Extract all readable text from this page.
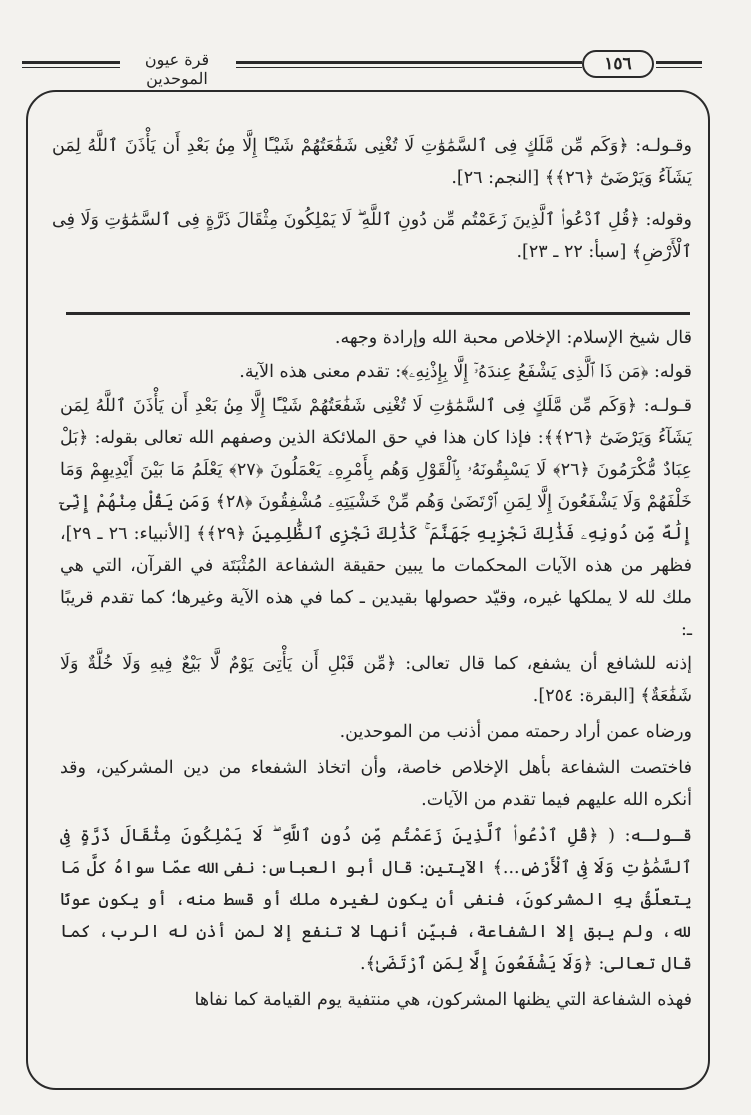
قرة عيون الموحدين
١٥٦

وقـولـه: ﴿وَكَم مِّن مَّلَكٍ فِى ٱلسَّمَٰوَٰتِ لَا تُغْنِى شَفَٰعَتُهُمْ شَيْـًٔا إِلَّا مِنۢ بَعْدِ أَن يَأْذَنَ ٱللَّهُ لِمَن يَشَآءُ وَيَرْضَىٰٓ ﴿٢٦﴾﴾ [النجم: ٢٦].

وقوله: ﴿قُلِ ٱدْعُوا۟ ٱلَّذِينَ زَعَمْتُم مِّن دُونِ ٱللَّهِ ۖ لَا يَمْلِكُونَ مِثْقَالَ ذَرَّةٍ فِى ٱلسَّمَٰوَٰتِ وَلَا فِى ٱلْأَرْضِ﴾ [سبأ: ٢٢ ـ ٢٣].

قال شيخ الإسلام: الإخلاص محبة الله وإرادة وجهه.

قوله: ﴿مَن ذَا ٱلَّذِى يَشْفَعُ عِندَهُۥٓ إِلَّا بِإِذْنِهِۦ﴾: تقدم معنى هذه الآية.

قـولـه: ﴿وَكَم مِّن مَّلَكٍ فِى ٱلسَّمَٰوَٰتِ لَا تُغْنِى شَفَٰعَتُهُمْ شَيْـًٔا إِلَّا مِنۢ بَعْدِ أَن يَأْذَنَ ٱللَّهُ لِمَن يَشَآءُ وَيَرْضَىٰٓ ﴿٢٦﴾﴾: فإذا كان هذا في حق الملائكة الذين وصفهم الله تعالى بقوله: ﴿بَلْ عِبَادٌ مُّكْرَمُونَ ﴿٢٦﴾ لَا يَسْبِقُونَهُۥ بِٱلْقَوْلِ وَهُم بِأَمْرِهِۦ يَعْمَلُونَ ﴿٢٧﴾ يَعْلَمُ مَا بَيْنَ أَيْدِيهِمْ وَمَا خَلْفَهُمْ وَلَا يَشْفَعُونَ إِلَّا لِمَنِ ٱرْتَضَىٰ وَهُم مِّنْ خَشْيَتِهِۦ مُشْفِقُونَ ﴿٢٨﴾ وَمَن يَقُلْ مِنْهُمْ إِنِّىٓ إِلَٰهٌ مِّن دُونِهِۦ فَذَٰلِكَ نَجْزِيهِ جَهَنَّمَ ۚ كَذَٰلِكَ نَجْزِى ٱلظَّٰلِمِينَ ﴿٢٩﴾﴾ [الأنبياء: ٢٦ ـ ٢٩]، فظهر من هذه الآيات المحكمات ما يبين حقيقة الشفاعة المُثْبَتَة في القرآن، التي هي ملك لله لا يملكها غيره، وقيّد حصولها بقيدين ـ كما في هذه الآية وغيرها؛ كما تقدم قريبًا ـ:

إذنه للشافع أن يشفع، كما قال تعالى: ﴿مِّن قَبْلِ أَن يَأْتِىَ يَوْمٌ لَّا بَيْعٌ فِيهِ وَلَا خُلَّةٌ وَلَا شَفَٰعَةٌ﴾ [البقرة: ٢٥٤].

ورضاه عمن أراد رحمته ممن أذنب من الموحدين.

فاختصت الشفاعة بأهل الإخلاص خاصة، وأن اتخاذ الشفعاء من دين المشركين، وقد أنكره الله عليهم فيما تقدم من الآيات.

قـولـه: ( ﴿قُلِ ٱدْعُوا۟ ٱلَّذِينَ زَعَمْتُم مِّن دُونِ ٱللَّهِ ۖ لَا يَمْلِكُونَ مِثْقَالَ ذَرَّةٍ فِى ٱلسَّمَٰوَٰتِ وَلَا فِى ٱلْأَرْضِ...﴾ الآيتين: قال أبو العباس: نفى الله عمّا سواهُ كلَّ مَا يتعلّقُ بِهِ المشركونَ، فنفى أن يكون لغيره ملك أو قسط منه، أو يكون عونًا لله، ولم يبق إلا الشفاعة، فبيّن أنها لا تنفع إلا لمن أذن له الرب، كما قال تعالى: ﴿وَلَا يَشْفَعُونَ إِلَّا لِمَنِ ٱرْتَضَىٰ﴾.

فهذه الشفاعة التي يظنها المشركون، هي منتفية يوم القيامة كما نفاها
